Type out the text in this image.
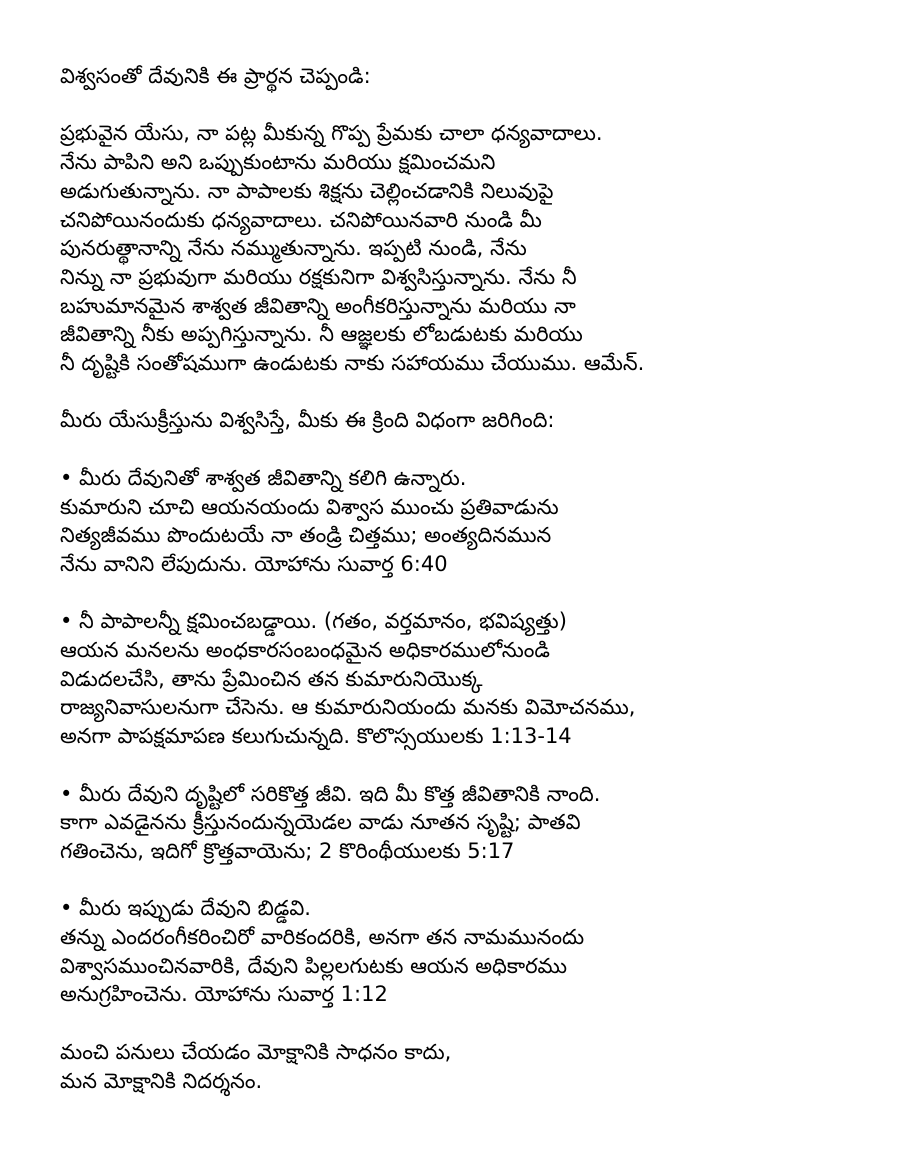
విశ్వసంతో దేవునికి ఈ ప్రార్థన చెప్పండి:
ప్రభువైన యేసు, నా పట్ల మీకున్న గొప్ప ప్రేమకు చాలా ధన్యవాదాలు.
నేను పాపిని అని ఒప్పుకుంటాను మరియు క్షమించమని
అడుగుతున్నాను. నా పాపాలకు శిక్షను చెల్లించడానికి నిలువుపై
చనిపోయినందుకు ధన్యవాదాలు. చనిపోయినవారి నుండి మీ
పునరుత్థానాన్ని నేను నమ్ముతున్నాను. ఇప్పటి నుండి, నేను
నిన్ను నా ప్రభువుగా మరియు రక్షకునిగా విశ్వసిస్తున్నాను. నేను నీ
బహుమానమైన శాశ్వత జీవితాన్ని అంగీకరిస్తున్నాను మరియు నా
జీవితాన్ని నీకు అప్పగిస్తున్నాను. నీ ఆజ్ఞలకు లోబడుటకు మరియు
నీ దృష్టికి సంతోషముగా ఉండుటకు నాకు సహాయము చేయుము. ఆమేన్.
మీరు యేసుక్రీస్తును విశ్వసిస్తే, మీకు ఈ క్రింది విధంగా జరిగింది:
• మీరు దేవునితో శాశ్వత జీవితాన్ని కలిగి ఉన్నారు.
కుమారుని చూచి ఆయనయందు విశ్వాస ముంచు ప్రతివాడును
నిత్యజీవము పొందుటయే నా తండ్రి చిత్తము; అంత్యదినమున
నేను వానిని లేపుదును. యోహాను సువార్త 6:40
• నీ పాపాలన్నీ క్షమించబడ్డాయి. (గతం, వర్తమానం, భవిష్యత్తు)
ఆయన మనలను అంధకారసంబంధమైన అధికారములోనుండి
విడుదలచేసి, తాను ప్రేమించిన తన కుమారునియొక్క
రాజ్యనివాసులనుగా చేసెను. ఆ కుమారునియందు మనకు విమోచనము,
అనగా పాపక్షమాపణ కలుగుచున్నది. కొలొస్సయులకు 1:13-14
• మీరు దేవుని దృష్టిలో సరికొత్త జీవి. ఇది మీ కొత్త జీవితానికి నాంది.
కాగా ఎవడైనను క్రీస్తునందున్నయెడల వాడు నూతన సృష్టి; పాతవి
గతించెను, ఇదిగో క్రొత్తవాయెను; 2 కొరింథీయులకు 5:17
• మీరు ఇప్పుడు దేవుని బిడ్డవి.
తన్ను ఎందరంగీకరించిరో వారికందరికి, అనగా తన నామమునందు
విశ్వాసముంచినవారికి, దేవుని పిల్లలగుటకు ఆయన అధికారము
అనుగ్రహించెను. యోహాను సువార్త 1:12
మంచి పనులు చేయడం మోక్షానికి సాధనం కాదు,
మన మోక్షానికి నిదర్శనం.
